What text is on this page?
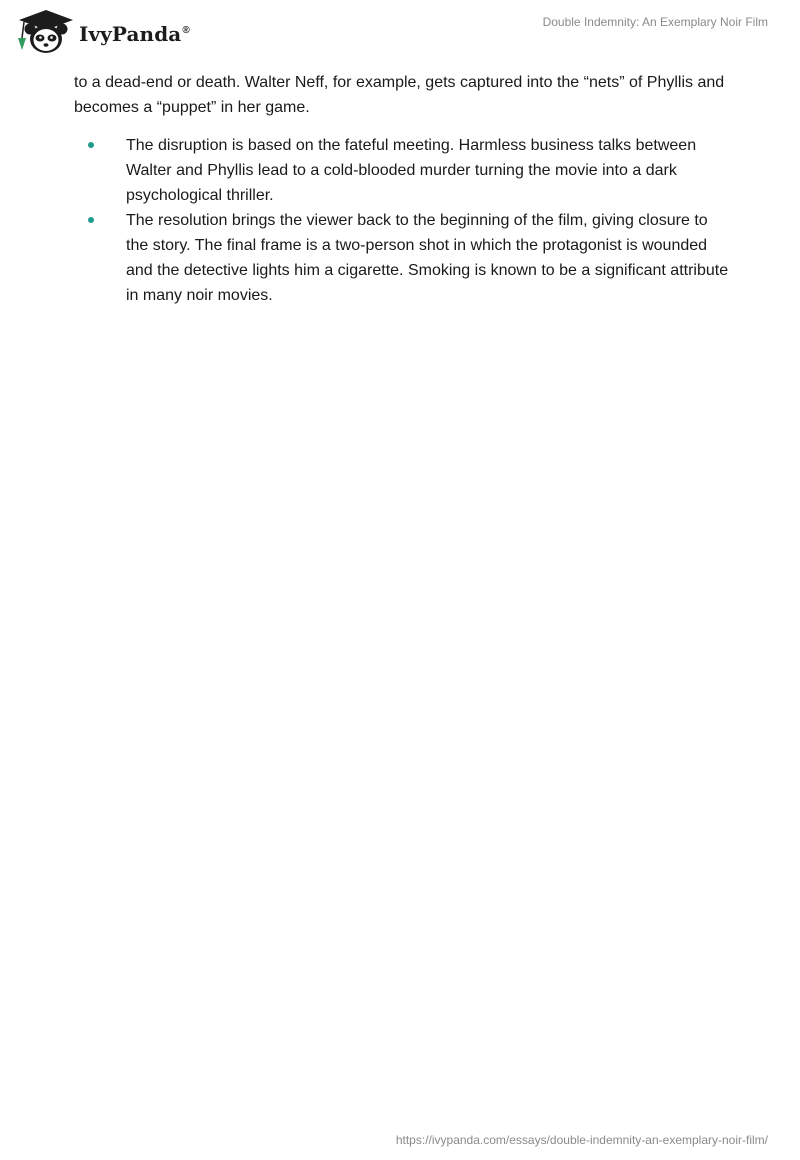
IvyPanda®
Double Indemnity: An Exemplary Noir Film

to a dead-end or death. Walter Neff, for example, gets captured into the “nets” of Phyllis and becomes a “puppet” in her game.

The disruption is based on the fateful meeting. Harmless business talks between Walter and Phyllis lead to a cold-blooded murder turning the movie into a dark psychological thriller.
The resolution brings the viewer back to the beginning of the film, giving closure to the story. The final frame is a two-person shot in which the protagonist is wounded and the detective lights him a cigarette. Smoking is known to be a significant attribute in many noir movies.
https://ivypanda.com/essays/double-indemnity-an-exemplary-noir-film/
